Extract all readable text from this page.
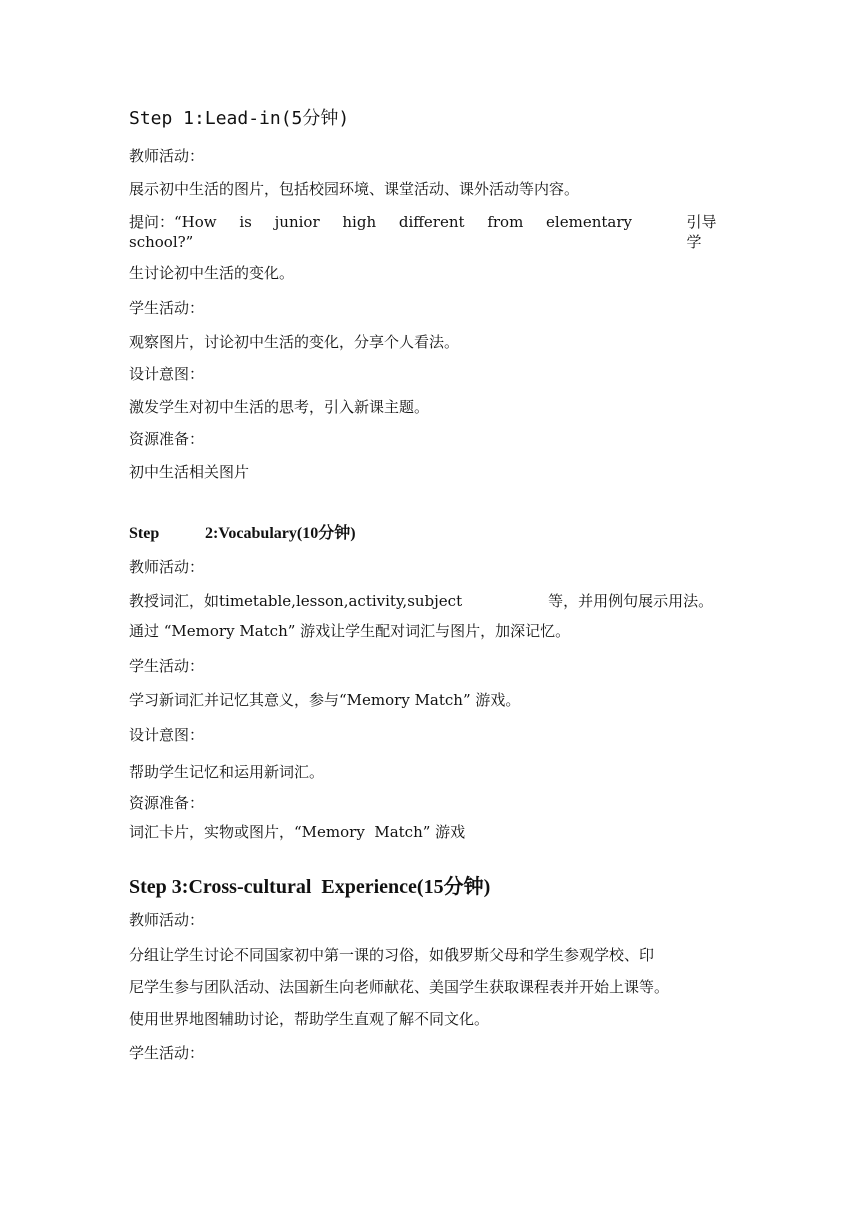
Step 1:Lead-in(5分钟)
教师活动：
展示初中生活的图片，包括校园环境、课堂活动、课外活动等内容。
提问：“How is junior high different from elementary school?”
引导学
生讨论初中生活的变化。
学生活动：
观察图片，讨论初中生活的变化，分享个人看法。
设计意图：
激发学生对初中生活的思考，引入新课主题。
资源准备：
初中生活相关图片
Step	2:Vocabulary(10分钟)
教师活动：
教授词汇，如timetable,lesson,activity,subject	等，并用例句展示用法。
通过 “Memory Match” 游戏让学生配对词汇与图片，加深记忆。
学生活动：
学习新词汇并记忆其意义，参与“Memory Match” 游戏。
设计意图：
帮助学生记忆和运用新词汇。
资源准备：
词汇卡片，实物或图片，“Memory  Match” 游戏
Step 3:Cross-cultural  Experience(15分钟)
教师活动：
分组让学生讨论不同国家初中第一课的习俗，如俄罗斯父母和学生参观学校、印
尼学生参与团队活动、法国新生向老师献花、美国学生获取课程表并开始上课等。
使用世界地图辅助讨论，帮助学生直观了解不同文化。
学生活动：
